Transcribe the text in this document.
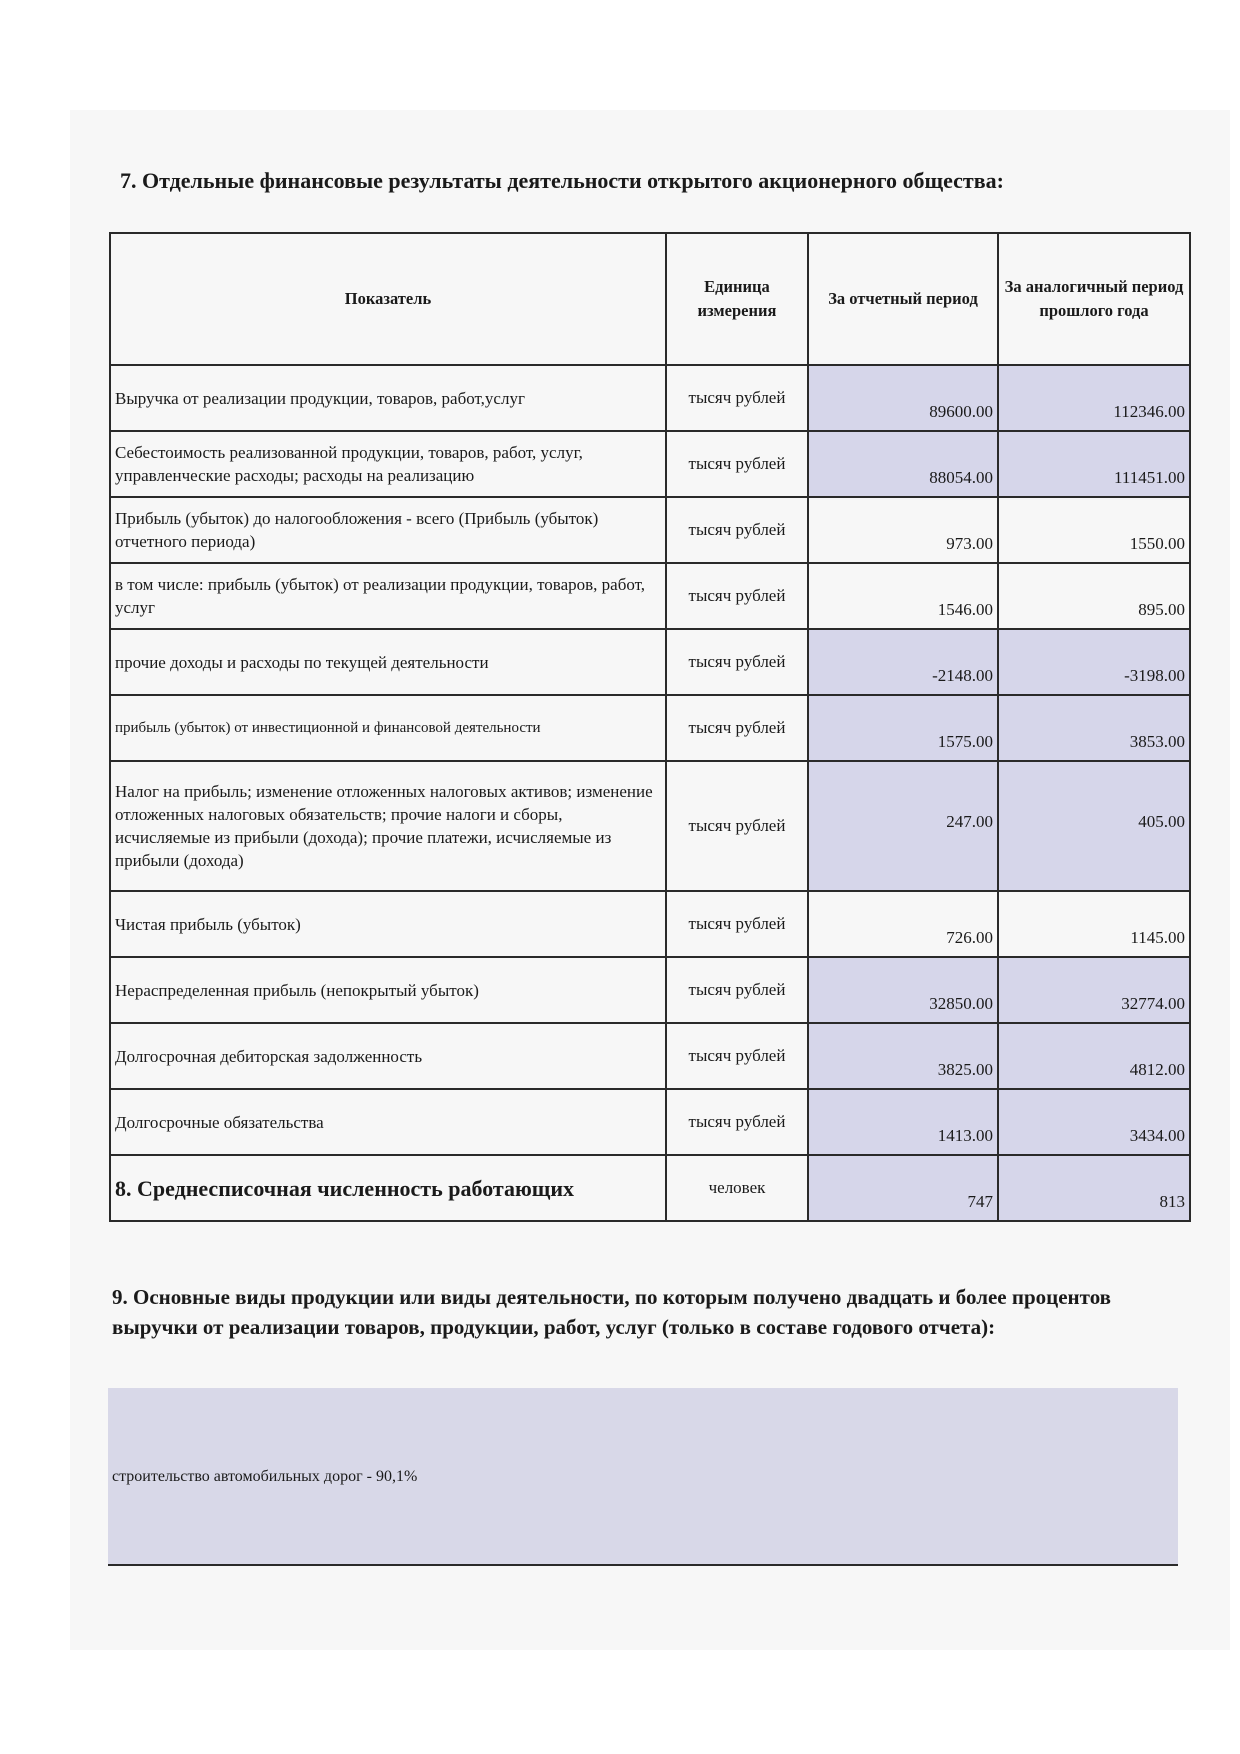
7. Отдельные финансовые результаты деятельности открытого акционерного общества:

Показатель	Единица измерения	За отчетный период	За аналогичный период прошлого года
Выручка от реализации продукции, товаров, работ,услуг	тысяч рублей	89600.00	112346.00
Себестоимость реализованной продукции, товаров, работ, услуг, управленческие расходы; расходы на реализацию	тысяч рублей	88054.00	111451.00
Прибыль (убыток) до налогообложения - всего (Прибыль (убыток) отчетного периода)	тысяч рублей	973.00	1550.00
в том числе: прибыль (убыток) от реализации продукции, товаров, работ, услуг	тысяч рублей	1546.00	895.00
прочие доходы и расходы по текущей деятельности	тысяч рублей	-2148.00	-3198.00
прибыль (убыток) от инвестиционной и финансовой деятельности	тысяч рублей	1575.00	3853.00
Налог на прибыль; изменение отложенных налоговых активов; изменение отложенных налоговых обязательств; прочие налоги и сборы, исчисляемые из прибыли (дохода); прочие платежи, исчисляемые из прибыли (дохода)	тысяч рублей	247.00	405.00
Чистая прибыль (убыток)	тысяч рублей	726.00	1145.00
Нераспределенная прибыль (непокрытый убыток)	тысяч рублей	32850.00	32774.00
Долгосрочная дебиторская задолженность	тысяч рублей	3825.00	4812.00
Долгосрочные обязательства	тысяч рублей	1413.00	3434.00
8. Среднесписочная численность работающих	человек	747	813

9. Основные виды продукции или виды деятельности, по которым получено двадцать и более процентов выручки от реализации товаров, продукции, работ, услуг (только в составе годового отчета):

строительство автомобильных дорог - 90,1%
